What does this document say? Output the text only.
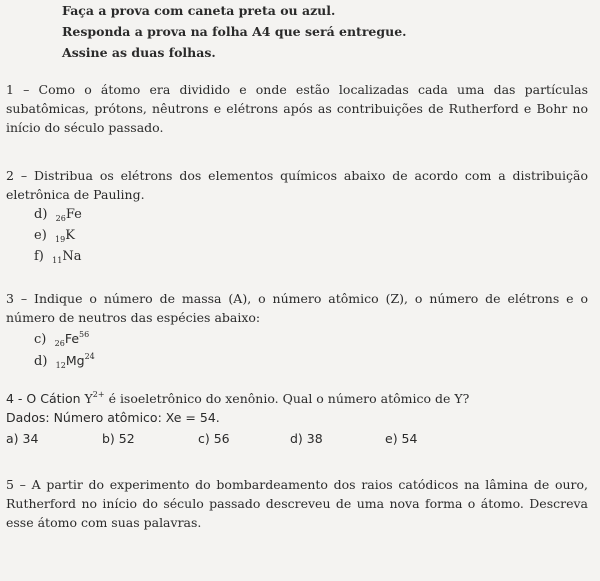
Faça a prova com caneta preta ou azul.
Responda a prova na folha A4 que será entregue.
Assine as duas folhas.
1 – Como o átomo era dividido e onde estão localizadas cada uma das partículas subatômicas, prótons, nêutrons e elétrons após as contribuições de Rutherford e Bohr no início do século passado.
2 – Distribua os elétrons dos elementos químicos abaixo de acordo com a distribuição eletrônica de Pauling.
d) $_{26}$Fe
e) $_{19}$K
f) $_{11}$Na
3 – Indique o número de massa (A), o número atômico (Z), o número de elétrons e o número de neutros das espécies abaixo:
c) $_{26}Fe^{56}$
d) $_{12}Mg^{24}$
4 - O Cátion $Y^{2+}$ é isoeletrônico do xenônio. Qual o número atômico de Y?
Dados: Número atômico: Xe = 54.
a) 34	b) 52	c) 56	d) 38	e) 54
5 – A partir do experimento do bombardeamento dos raios catódicos na lâmina de ouro, Rutherford no início do século passado descreveu de uma nova forma o átomo. Descreva esse átomo com suas palavras.
